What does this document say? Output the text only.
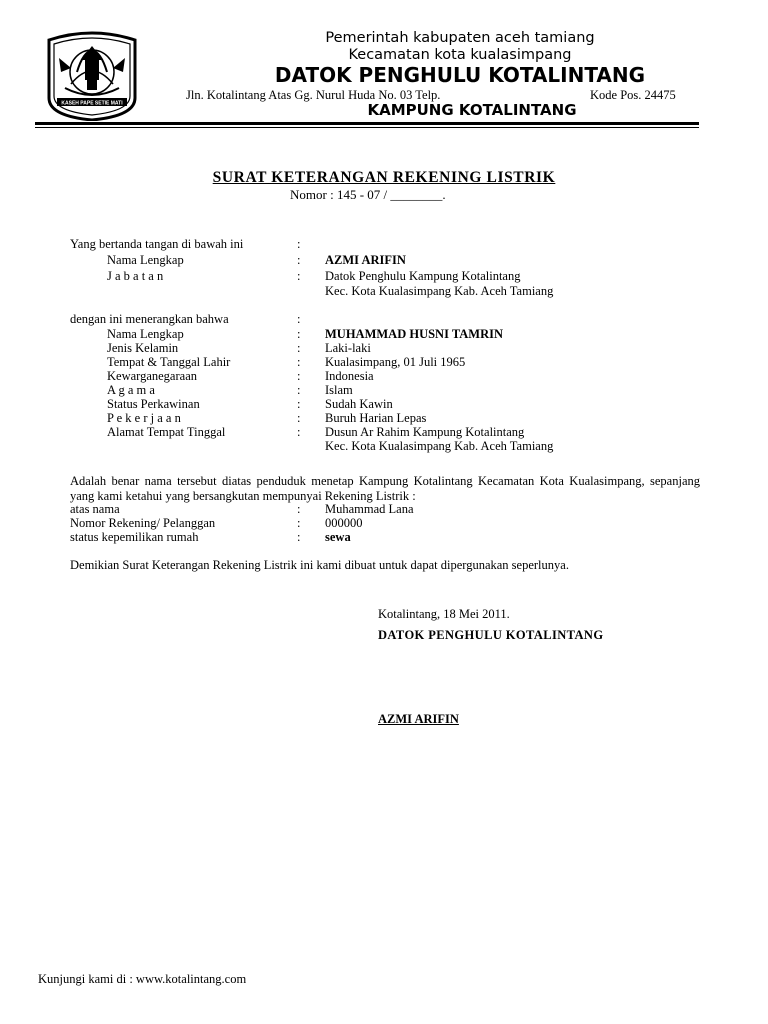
KASEH PAPE SETIE MATI
Pemerintah kabupaten aceh tamiang
Kecamatan kota kualasimpang
DATOK PENGHULU KOTALINTANG
Jln. Kotalintang Atas Gg. Nurul Huda No. 03 Telp.	Kode Pos. 24475
KAMPUNG KOTALINTANG
SURAT KETERANGAN REKENING LISTRIK
Nomor : 145 - 07 / ________.
Yang bertanda tangan di bawah ini	:
Nama Lengkap	: AZMI ARIFIN
J a b a t a n	: Datok Penghulu Kampung Kotalintang
Kec. Kota Kualasimpang Kab. Aceh Tamiang
dengan ini menerangkan bahwa	:
Nama Lengkap	: MUHAMMAD HUSNI TAMRIN
Jenis Kelamin	: Laki-laki
Tempat & Tanggal Lahir	: Kualasimpang, 01 Juli 1965
Kewarganegaraan	: Indonesia
A g a m a	: Islam
Status Perkawinan	: Sudah Kawin
P e k e r j a a n	: Buruh Harian Lepas
Alamat Tempat Tinggal	: Dusun Ar Rahim Kampung Kotalintang
Kec. Kota Kualasimpang Kab. Aceh Tamiang
Adalah benar nama tersebut diatas penduduk menetap Kampung Kotalintang Kecamatan Kota Kualasimpang, sepanjang yang kami ketahui yang bersangkutan mempunyai Rekening Listrik :
atas nama	: Muhammad Lana
Nomor Rekening/ Pelanggan	: 000000
status kepemilikan rumah	: sewa
Demikian Surat Keterangan Rekening Listrik ini kami dibuat untuk dapat dipergunakan seperlunya.
Kotalintang, 18 Mei 2011.
DATOK PENGHULU KOTALINTANG
AZMI ARIFIN
Kunjungi kami di : www.kotalintang.com
